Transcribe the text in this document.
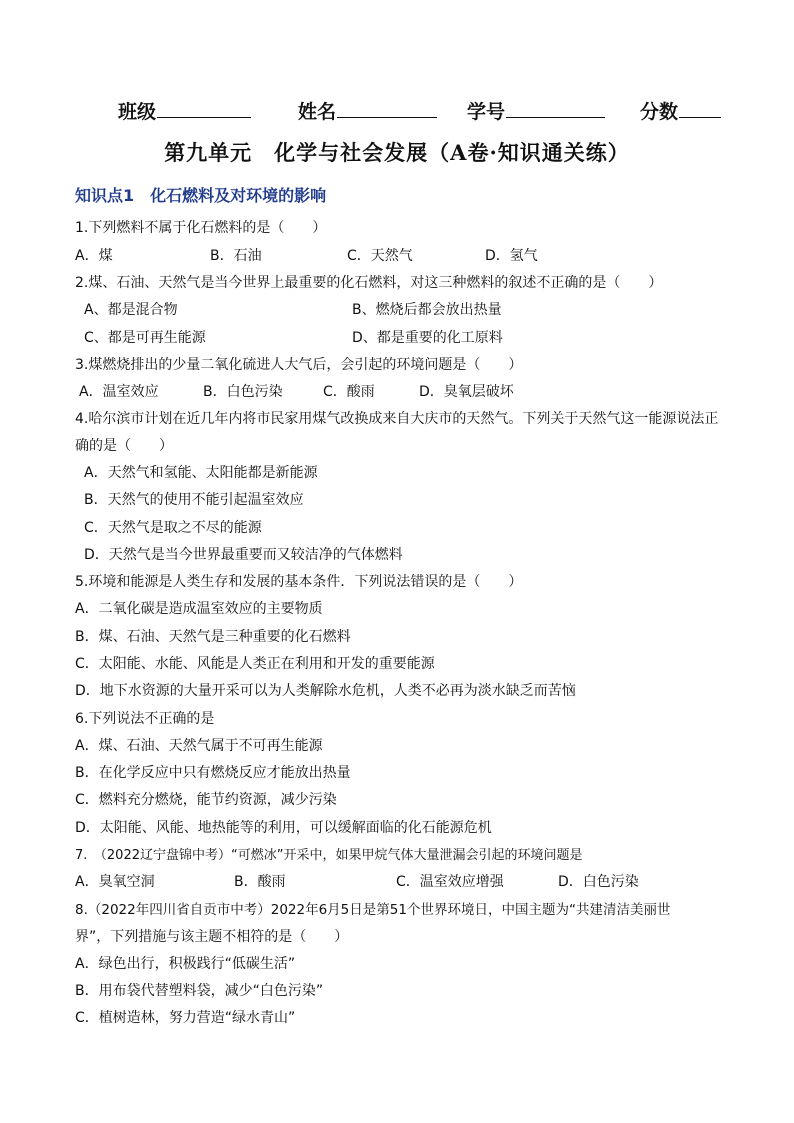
班级	姓名	学号	分数
第九单元　化学与社会发展（A卷·知识通关练）
知识点1　化石燃料及对环境的影响
1.下列燃料不属于化石燃料的是（　　）
A．煤	B．石油	C．天然气	D．氢气
2.煤、石油、天然气是当今世界上最重要的化石燃料，对这三种燃料的叙述不正确的是（　　）
A、都是混合物	B、燃烧后都会放出热量
C、都是可再生能源	D、都是重要的化工原料
3.煤燃烧排出的少量二氧化硫进人大气后，会引起的环境问题是（　　）
A．温室效应	B．白色污染	C．酸雨	D．臭氧层破坏
4.哈尔滨市计划在近几年内将市民家用煤气改换成来自大庆市的天然气。下列关于天然气这一能源说法正
确的是（　　）
A．天然气和氢能、太阳能都是新能源
B．天然气的使用不能引起温室效应
C．天然气是取之不尽的能源
D．天然气是当今世界最重要而又较洁净的气体燃料
5.环境和能源是人类生存和发展的基本条件．下列说法错误的是（　　）
A．二氧化碳是造成温室效应的主要物质
B．煤、石油、天然气是三种重要的化石燃料
C．太阳能、水能、风能是人类正在利用和开发的重要能源
D．地下水资源的大量开采可以为人类解除水危机，人类不必再为淡水缺乏而苦恼
6.下列说法不正确的是
A．煤、石油、天然气属于不可再生能源
B．在化学反应中只有燃烧反应才能放出热量
C．燃料充分燃烧，能节约资源，减少污染
D．太阳能、风能、地热能等的利用，可以缓解面临的化石能源危机
7.　（2022辽宁盘锦中考）“可燃冰”开采中，如果甲烷气体大量泄漏会引起的环境问题是
A．臭氧空洞	B．酸雨	C．温室效应增强	D．白色污染
8.（2022年四川省自贡市中考）2022年6月5日是第51个世界环境日，中国主题为“共建清洁美丽世
界”，下列措施与该主题不相符的是（　　）
A．绿色出行，积极践行“低碳生活”
B．用布袋代替塑料袋，减少“白色污染”
C．植树造林，努力营造“绿水青山”
